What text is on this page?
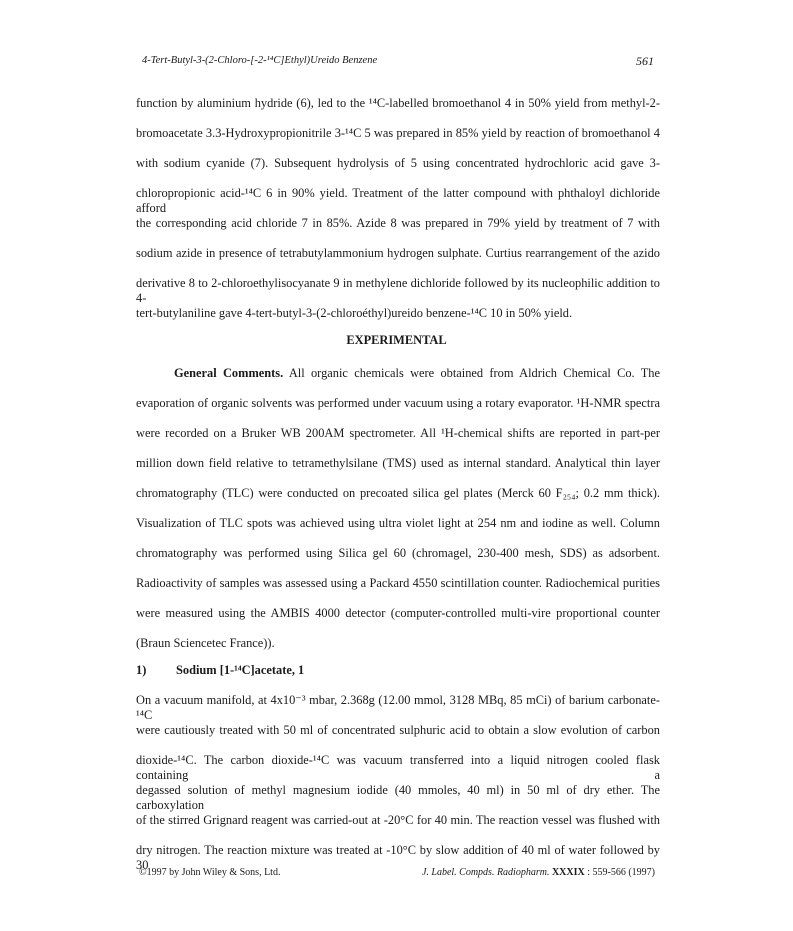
4-Tert-Butyl-3-(2-Chloro-[-2-¹⁴C]Ethyl)Ureido Benzene	561
function by aluminium hydride (6), led to the ¹⁴C-labelled bromoethanol 4 in 50% yield from methyl-2-
bromoacetate 3.3-Hydroxypropionitrile 3-¹⁴C 5 was prepared in 85% yield by reaction of bromoethanol 4
with sodium cyanide (7). Subsequent hydrolysis of 5 using concentrated hydrochloric acid gave 3-
chloropropionic acid-¹⁴C 6 in 90% yield. Treatment of the latter compound with phthaloyl dichloride afford
the corresponding acid chloride 7 in 85%. Azide 8 was prepared in 79% yield by treatment of 7 with
sodium azide in presence of tetrabutylammonium hydrogen sulphate. Curtius rearrangement of the azido
derivative 8 to 2-chloroethylisocyanate 9 in methylene dichloride followed by its nucleophilic addition to 4-
tert-butylaniline gave 4-tert-butyl-3-(2-chloroéthyl)ureido benzene-¹⁴C 10 in 50% yield.
EXPERIMENTAL
General Comments. All organic chemicals were obtained from Aldrich Chemical Co. The
evaporation of organic solvents was performed under vacuum using a rotary evaporator. ¹H-NMR spectra
were recorded on a Bruker WB 200AM spectrometer. All ¹H-chemical shifts are reported in part-per
million down field relative to tetramethylsilane (TMS) used as internal standard. Analytical thin layer
chromatography (TLC) were conducted on precoated silica gel plates (Merck 60 F₂₅₄; 0.2 mm thick).
Visualization of TLC spots was achieved using ultra violet light at 254 nm and iodine as well. Column
chromatography was performed using Silica gel 60 (chromagel, 230-400 mesh, SDS) as adsorbent.
Radioactivity of samples was assessed using a Packard 4550 scintillation counter. Radiochemical purities
were measured using the AMBIS 4000 detector (computer-controlled multi-vire proportional counter
(Braun Sciencetec France)).
1) Sodium [1-¹⁴C]acetate, 1
On a vacuum manifold, at 4x10⁻³ mbar, 2.368g (12.00 mmol, 3128 MBq, 85 mCi) of barium carbonate-¹⁴C
were cautiously treated with 50 ml of concentrated sulphuric acid to obtain a slow evolution of carbon
dioxide-¹⁴C. The carbon dioxide-¹⁴C was vacuum transferred into a liquid nitrogen cooled flask containing a
degassed solution of methyl magnesium iodide (40 mmoles, 40 ml) in 50 ml of dry ether. The carboxylation
of the stirred Grignard reagent was carried-out at -20°C for 40 min. The reaction vessel was flushed with
dry nitrogen. The reaction mixture was treated at -10°C by slow addition of 40 ml of water followed by 30
©1997 by John Wiley & Sons, Ltd.	J. Label. Compds. Radiopharm. XXXIX : 559-566 (1997)
